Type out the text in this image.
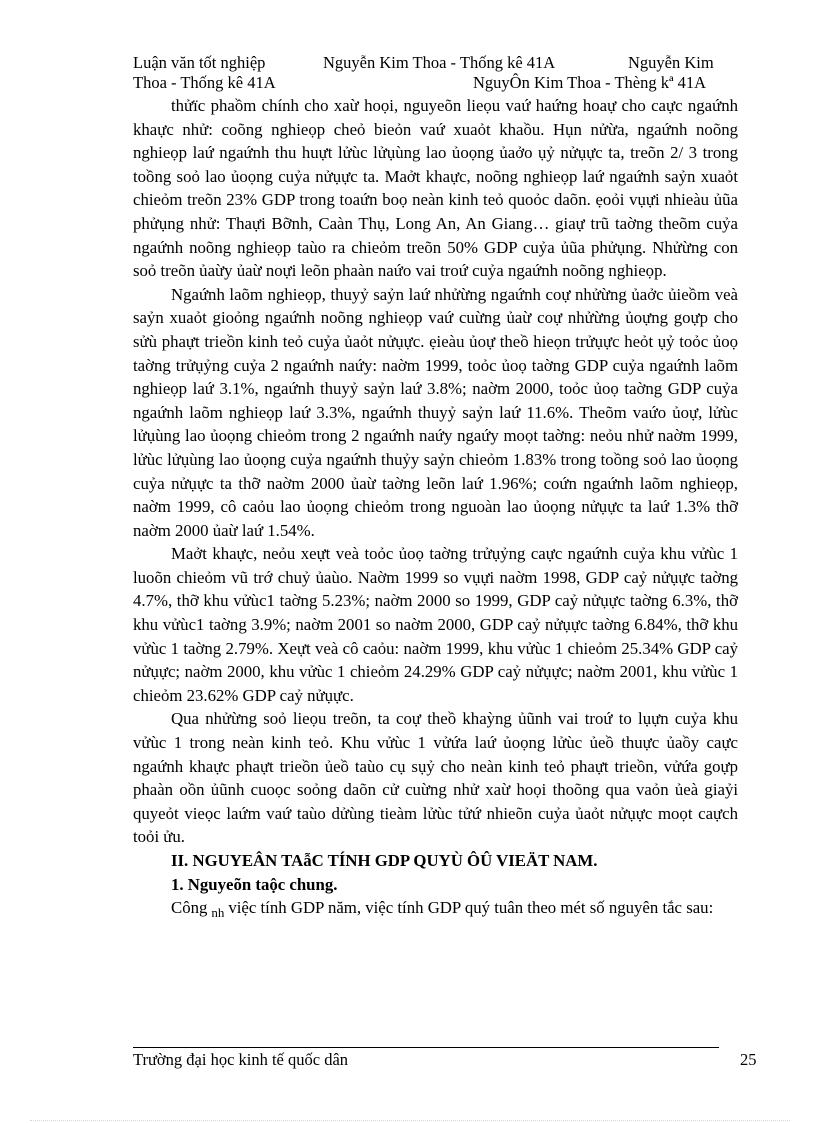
Luận văn tốt nghiệp	Nguyễn Kim Thoa - Thống kê 41A	Nguyễn Kim
Thoa - Thống kê 41A	NguyÔn Kim Thoa - Thèng kª 41A

thửïc phaồm chính cho xaừ hoọi, nguyeõn lieọu vaứ haứng hoaự cho caực ngaứnh khaực nhử: coõng nghieọp cheỏ bieỏn vaứ xuaỏt khaồu. Hụn nửừa, ngaứnh noõng nghieọp laứ ngaứnh thu huựt lửùc lửụùng lao ủoọng ủaởo ụỷ nửụực ta, treõn 2/ 3 trong toồng soỏ lao ủoọng cuỷa nửụực ta. Maởt khaực, noõng nghieọp laứ ngaứnh saỷn xuaỏt chieỏm treõn 23% GDP trong toaứn boọ neàn kinh teỏ quoỏc daõn. ẹoỏi vụựi nhieàu ủũa phửụng nhử: Thaựi Bỡnh, Caàn Thụ, Long An, An Giang… giaự trũ taờng theõm cuỷa ngaứnh noõng nghieọp taùo ra chieỏm treõn 50% GDP cuỷa ủũa phửụng. Nhửừng con soỏ treõn ủaừy ủaừ noựi leõn phaàn naứo vai troứ cuỷa ngaứnh noõng nghieọp.

Ngaứnh laõm nghieọp, thuyỷ saỷn laứ nhửừng ngaứnh coự nhửừng ủaởc ủieồm veà saỷn xuaỏt gioỏng ngaứnh noõng nghieọp vaứ cuừng ủaừ coự nhửừng ủoựng goựp cho sửù phaựt trieồn kinh teỏ cuỷa ủaỏt nửụực. ẹieàu ủoự theồ hieọn trửụực heỏt ụỷ toỏc ủoọ taờng trửụỷng cuỷa 2 ngaứnh naứy: naờm 1999, toỏc ủoọ taờng GDP cuỷa ngaứnh laõm nghieọp laứ 3.1%, ngaứnh thuyỷ saỷn laứ 3.8%; naờm 2000, toỏc ủoọ taờng GDP cuỷa ngaứnh laõm nghieọp laứ 3.3%, ngaứnh thuyỷ saỷn laứ 11.6%. Theõm vaứo ủoự, lửùc lửụùng lao ủoọng chieỏm trong 2 ngaứnh naứy ngaứy moọt taờng: neỏu nhử naờm 1999, lửùc lửụùng lao ủoọng cuỷa ngaứnh thuỷy saỷn chieỏm 1.83% trong toồng soỏ lao ủoọng cuỷa nửụực ta thỡ naờm 2000 ủaừ taờng leõn laứ 1.96%; coứn ngaứnh laõm nghieọp, naờm 1999, cô caỏu lao ủoọng chieỏm trong nguoàn lao ủoọng nửụực ta laứ 1.3% thỡ naờm 2000 ủaừ laứ 1.54%.

Maởt khaực, neỏu xeựt veà toỏc ủoọ taờng trửụỷng caực ngaứnh cuỷa khu vửùc 1 luoõn chieỏm vũ trớ chuỷ ủaùo. Naờm 1999 so vụựi naờm 1998, GDP caỷ nửụực taờng 4.7%, thỡ khu vửùc1 taờng 5.23%; naờm 2000 so 1999, GDP caỷ nửụực taờng 6.3%, thỡ khu vửùc1 taờng 3.9%; naờm 2001 so naờm 2000, GDP caỷ nửụực taờng 6.84%, thỡ khu vửùc 1 taờng 2.79%. Xeựt veà cô caỏu: naờm 1999, khu vửùc 1 chieỏm 25.34% GDP caỷ nửụực; naờm 2000, khu vửùc 1 chieỏm 24.29% GDP caỷ nửụực; naờm 2001, khu vửùc 1 chieỏm 23.62% GDP caỷ nửụực.

Qua nhửừng soỏ lieọu treõn, ta coự theồ khaỳng ủũnh vai troứ to lụựn cuỷa khu vửùc 1 trong neàn kinh teỏ. Khu vửùc 1 vửứa laứ ủoọng lửùc ủeồ thuực ủaồy caực ngaứnh khaực phaựt trieồn ủeồ taùo cụ sụỷ cho neàn kinh teỏ phaựt trieồn, vửứa goựp phaàn oồn ủũnh cuoọc soỏng daõn cử cuừng nhử xaừ hoọi thoõng qua vaỏn ủeà giaỷi quyeỏt vieọc laứm vaứ taùo dửùng tieàm lửùc tửứ nhieõn cuỷa ủaỏt nửụực moọt caựch toỏi ửu.

II. NGUYEÂN TAẫC TÍNH GDP QUYÙ ÔÛ VIEÄT NAM.

1. Nguyeõn taộc chung.

Công $_{nh}$ việc tính GDP năm, việc tính GDP quý tuân theo mét số nguyên tắc sau:

Trường đại học kinh tế quốc dân	25
